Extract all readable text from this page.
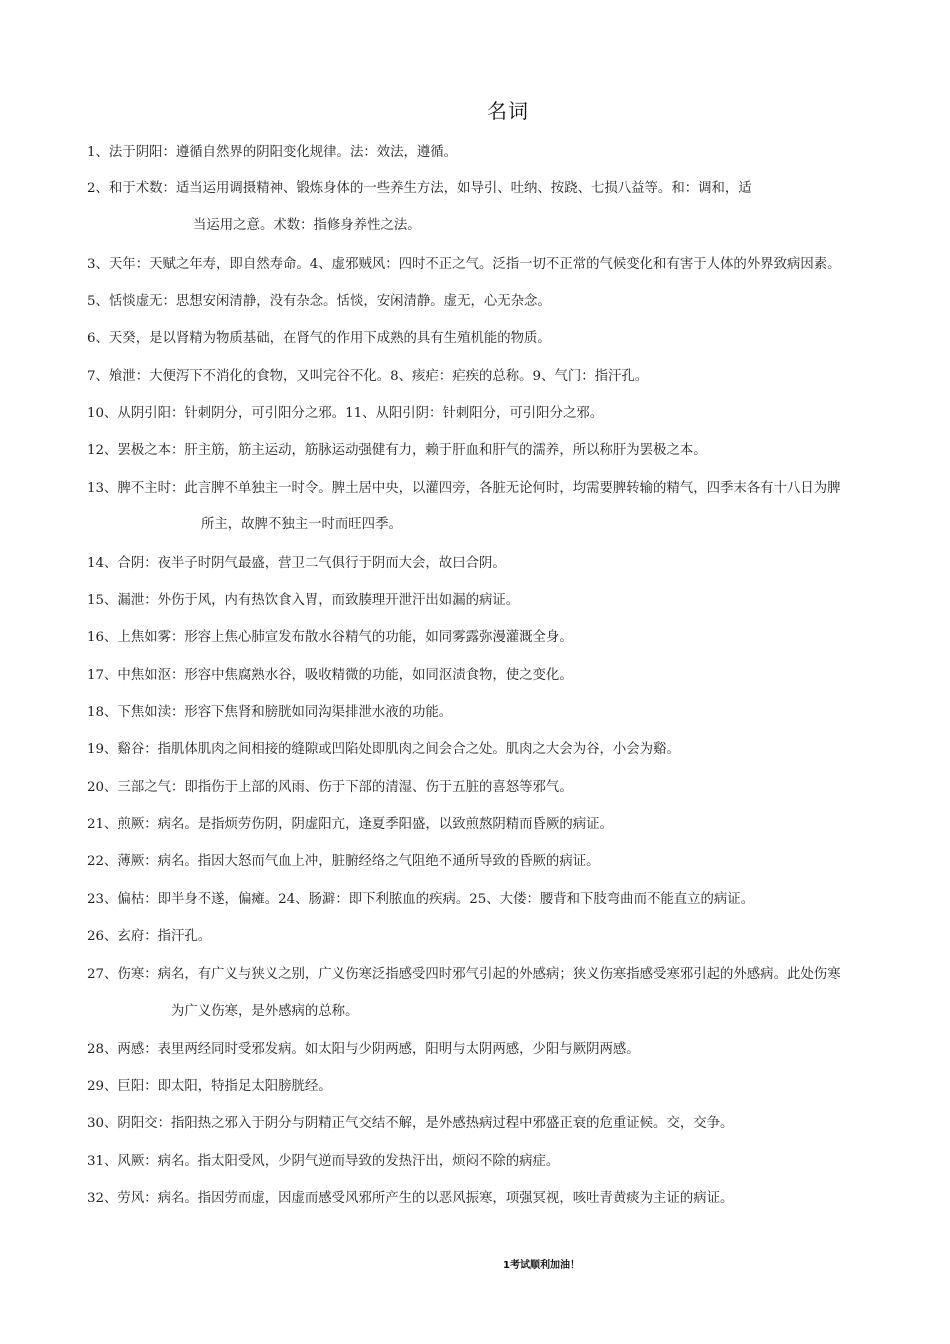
名词
1、法于阴阳：遵循自然界的阴阳变化规律。法：效法，遵循。
2、和于术数：适当运用调摄精神、锻炼身体的一些养生方法，如导引、吐纳、按跷、七损八益等。和：调和，适
当运用之意。术数：指修身养性之法。
3、天年：天赋之年寿，即自然寿命。4、虚邪贼风：四时不正之气。泛指一切不正常的气候变化和有害于人体的外界致病因素。
5、恬惔虚无：思想安闲清静，没有杂念。恬惔，安闲清静。虚无，心无杂念。
6、天癸，是以肾精为物质基础，在肾气的作用下成熟的具有生殖机能的物质。
7、飧泄：大便泻下不消化的食物，又叫完谷不化。8、痎疟：疟疾的总称。9、气门：指汗孔。
10、从阴引阳：针刺阴分，可引阳分之邪。11、从阳引阴：针刺阳分，可引阳分之邪。
12、罢极之本：肝主筋，筋主运动，筋脉运动强健有力，赖于肝血和肝气的濡养，所以称肝为罢极之本。
13、脾不主时：此言脾不单独主一时令。脾土居中央，以灌四旁，各脏无论何时，均需要脾转输的精气，四季末各有十八日为脾
所主，故脾不独主一时而旺四季。
14、合阴：夜半子时阴气最盛，营卫二气俱行于阴而大会，故曰合阴。
15、漏泄：外伤于风，内有热饮食入胃，而致腠理开泄汗出如漏的病证。
16、上焦如雾：形容上焦心肺宣发布散水谷精气的功能，如同雾露弥漫灌溉全身。
17、中焦如沤：形容中焦腐熟水谷，吸收精微的功能，如同沤渍食物，使之变化。
18、下焦如渎：形容下焦肾和膀胱如同沟渠排泄水液的功能。
19、谿谷：指肌体肌肉之间相接的缝隙或凹陷处即肌肉之间会合之处。肌肉之大会为谷，小会为谿。
20、三部之气：即指伤于上部的风雨、伤于下部的清湿、伤于五脏的喜怒等邪气。
21、煎厥：病名。是指烦劳伤阴，阴虚阳亢，逢夏季阳盛，以致煎熬阴精而昏厥的病证。
22、薄厥：病名。指因大怒而气血上冲，脏腑经络之气阻绝不通所导致的昏厥的病证。
23、偏枯：即半身不遂，偏瘫。24、肠澼：即下利脓血的疾病。25、大偻：腰背和下肢弯曲而不能直立的病证。
26、玄府：指汗孔。
27、伤寒：病名，有广义与狭义之别，广义伤寒泛指感受四时邪气引起的外感病；狭义伤寒指感受寒邪引起的外感病。此处伤寒
为广义伤寒，是外感病的总称。
28、两感：表里两经同时受邪发病。如太阳与少阴两感，阳明与太阴两感，少阳与厥阴两感。
29、巨阳：即太阳，特指足太阳膀胱经。
30、阴阳交：指阳热之邪入于阴分与阴精正气交结不解，是外感热病过程中邪盛正衰的危重证候。交，交争。
31、风厥：病名。指太阳受风，少阴气逆而导致的发热汗出，烦闷不除的病症。
32、劳风：病名。指因劳而虚，因虚而感受风邪所产生的以恶风振寒，项强冥视，咳吐青黄痰为主证的病证。
1考试顺利加油！
